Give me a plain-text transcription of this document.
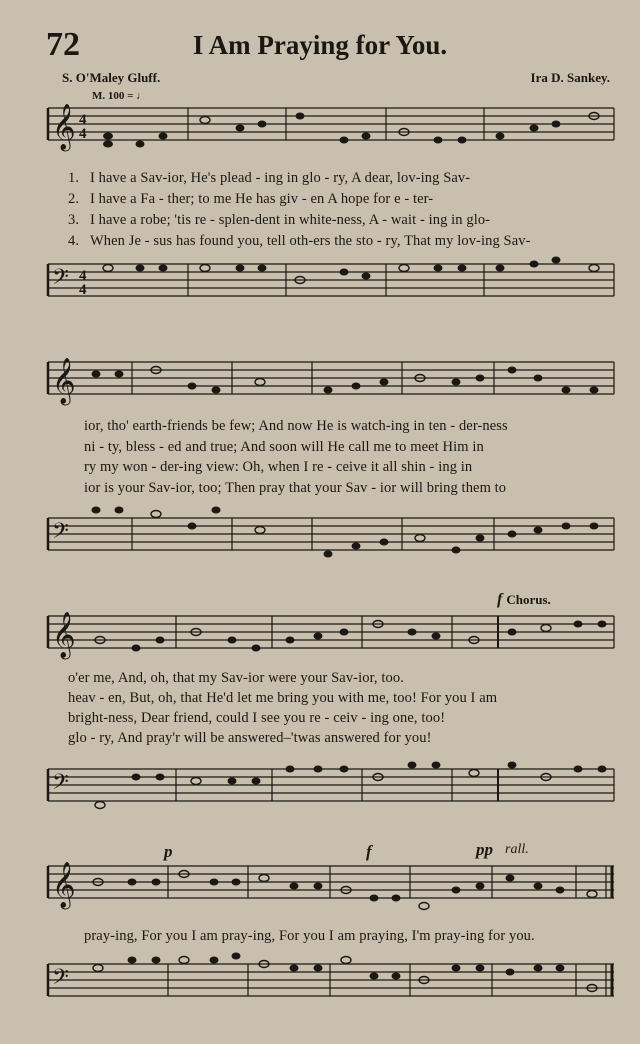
72	I Am Praying for You.
S. O'Maley Gluff.	Ira D. Sankey.
M. 100 = ♩
𝄞 4
4
𝄢 4
4
1. I have a Sav-ior, He's plead - ing in glo - ry, A dear, lov-ing Sav-
2. I have a Fa - ther; to me He has giv - en A hope for e - ter-
3. I have a robe; 'tis re - splen-dent in white-ness, A - wait - ing in glo-
4. When Je - sus has found you, tell oth-ers the sto - ry, That my lov-ing Sav-
𝄞
ior, tho' earth-friends be few; And now He is watch-ing in ten - der-ness
ni - ty, bless - ed and true; And soon will He call me to meet Him in
ry my won - der-ing view: Oh, when I re - ceive it all shin - ing in
ior is your Sav-ior, too; Then pray that your Sav - ior will bring them to
𝄢
f Chorus.
𝄞
o'er me, And, oh, that my Sav-ior were your Sav-ior, too.
heav - en, But, oh, that He'd let me bring you with me, too! For you I am
bright-ness, Dear friend, could I see you re - ceiv - ing one, too!
glo - ry, And pray'r will be answered–'twas answered for you!
𝄢
p	f	pp rall.
𝄞
pray-ing, For you I am pray-ing, For you I am praying, I'm pray-ing for you.
𝄢
